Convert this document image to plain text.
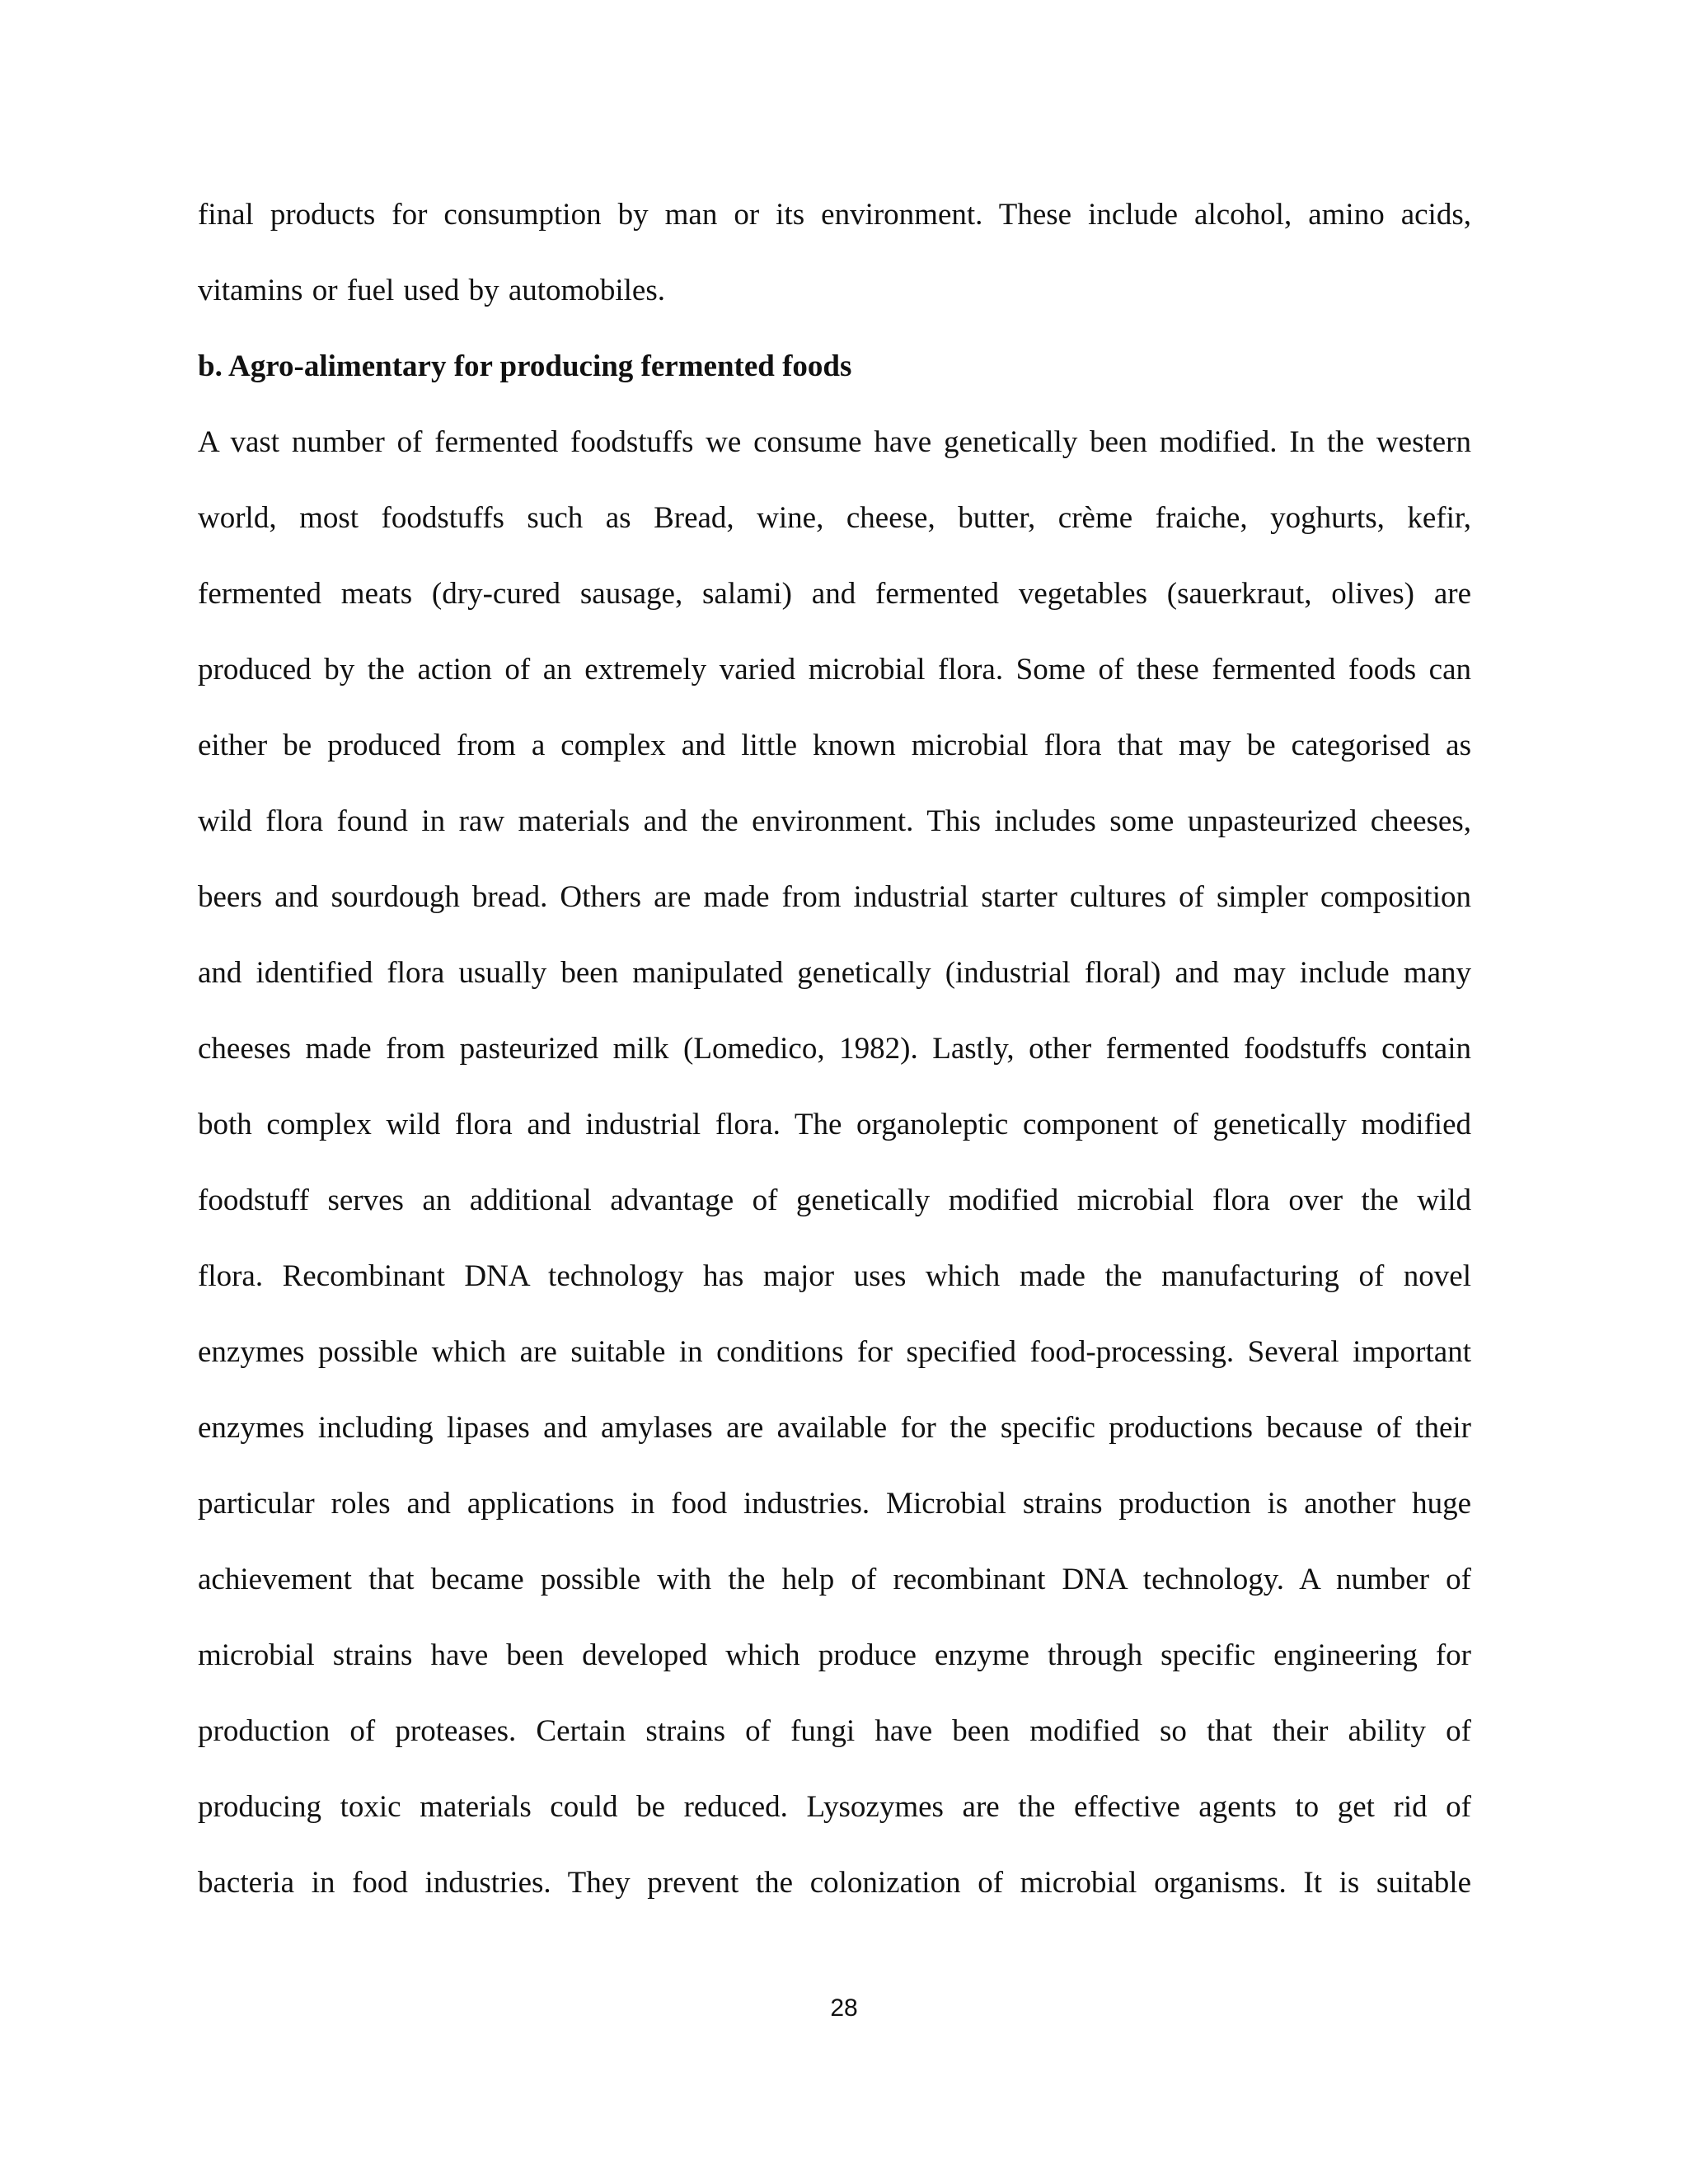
final products for consumption by man or its environment. These include alcohol, amino acids,
vitamins or fuel used by automobiles.
b. Agro-alimentary for producing fermented foods
A vast number of fermented foodstuffs we consume have genetically been modified. In the western
world, most foodstuffs such as Bread, wine, cheese, butter, crème fraiche, yoghurts, kefir,
fermented meats (dry-cured sausage, salami) and fermented vegetables (sauerkraut, olives) are
produced by the action of an extremely varied microbial flora. Some of these fermented foods can
either be produced from a complex and little known microbial flora that may be categorised as
wild flora found in raw materials and the environment. This includes some unpasteurized cheeses,
beers and sourdough bread. Others are made from industrial starter cultures of simpler composition
and identified flora usually been manipulated genetically (industrial floral) and may include many
cheeses made from pasteurized milk (Lomedico, 1982). Lastly, other fermented foodstuffs contain
both complex wild flora and industrial flora. The organoleptic component of genetically modified
foodstuff serves an additional advantage of genetically modified microbial flora over the wild
flora. Recombinant DNA technology has major uses which made the manufacturing of novel
enzymes possible which are suitable in conditions for specified food-processing. Several important
enzymes including lipases and amylases are available for the specific productions because of their
particular roles and applications in food industries. Microbial strains production is another huge
achievement that became possible with the help of recombinant DNA technology. A number of
microbial strains have been developed which produce enzyme through specific engineering for
production of proteases. Certain strains of fungi have been modified so that their ability of
producing toxic materials could be reduced. Lysozymes are the effective agents to get rid of
bacteria in food industries. They prevent the colonization of microbial organisms. It is suitable
28
